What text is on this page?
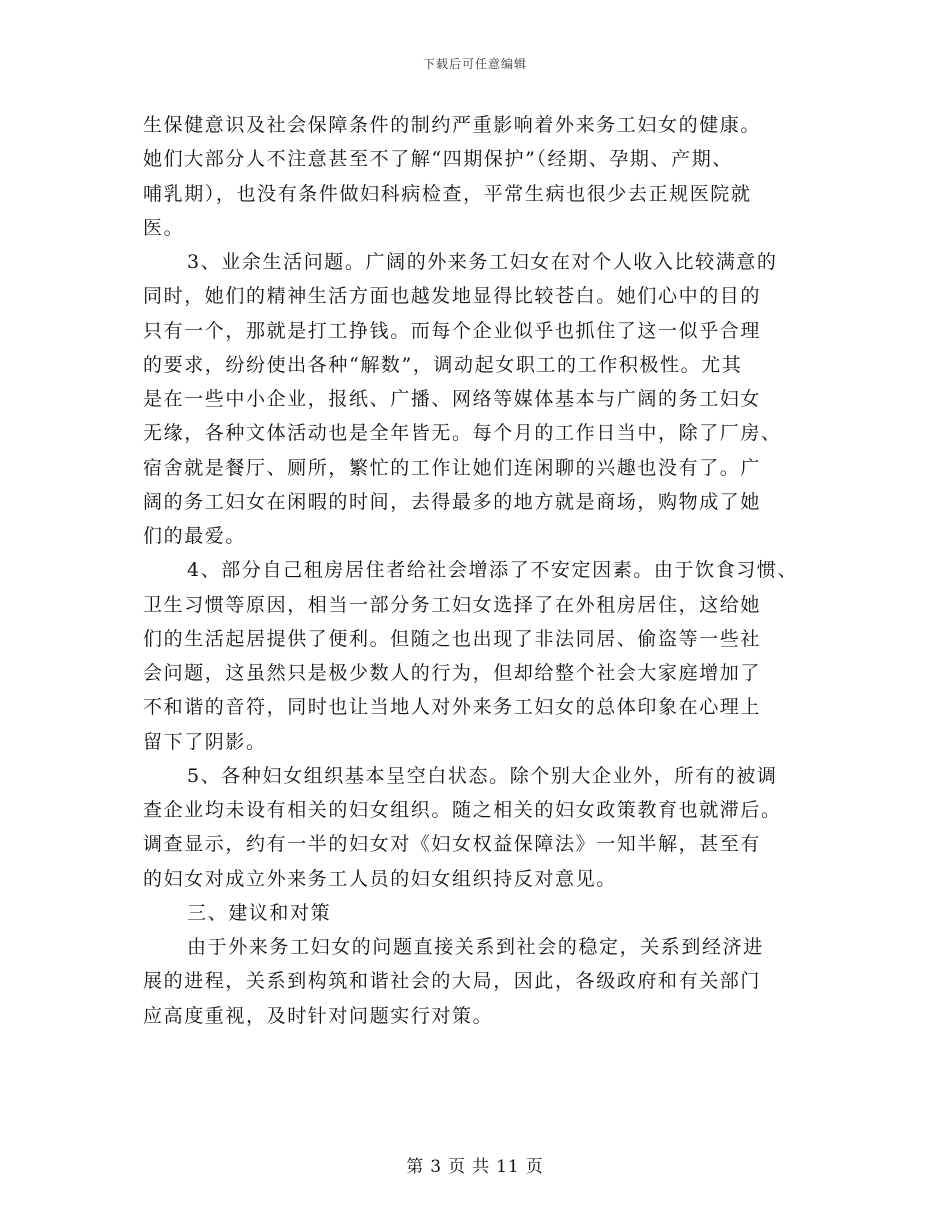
下载后可任意编辑
生保健意识及社会保障条件的制约严重影响着外来务工妇女的健康。
她们大部分人不注意甚至不了解“四期保护”（经期、孕期、产期、
哺乳期），也没有条件做妇科病检查，平常生病也很少去正规医院就
医。
3、业余生活问题。广阔的外来务工妇女在对个人收入比较满意的
同时，她们的精神生活方面也越发地显得比较苍白。她们心中的目的
只有一个，那就是打工挣钱。而每个企业似乎也抓住了这一似乎合理
的要求，纷纷使出各种“解数”，调动起女职工的工作积极性。尤其
是在一些中小企业，报纸、广播、网络等媒体基本与广阔的务工妇女
无缘，各种文体活动也是全年皆无。每个月的工作日当中，除了厂房、
宿舍就是餐厅、厕所，繁忙的工作让她们连闲聊的兴趣也没有了。广
阔的务工妇女在闲暇的时间，去得最多的地方就是商场，购物成了她
们的最爱。
4、部分自己租房居住者给社会增添了不安定因素。由于饮食习惯、
卫生习惯等原因，相当一部分务工妇女选择了在外租房居住，这给她
们的生活起居提供了便利。但随之也出现了非法同居、偷盗等一些社
会问题，这虽然只是极少数人的行为，但却给整个社会大家庭增加了
不和谐的音符，同时也让当地人对外来务工妇女的总体印象在心理上
留下了阴影。
5、各种妇女组织基本呈空白状态。除个别大企业外，所有的被调
查企业均未设有相关的妇女组织。随之相关的妇女政策教育也就滞后。
调查显示，约有一半的妇女对《妇女权益保障法》一知半解，甚至有
的妇女对成立外来务工人员的妇女组织持反对意见。
三、建议和对策
由于外来务工妇女的问题直接关系到社会的稳定，关系到经济进
展的进程，关系到构筑和谐社会的大局，因此，各级政府和有关部门
应高度重视，及时针对问题实行对策。
第 3 页 共 11 页
